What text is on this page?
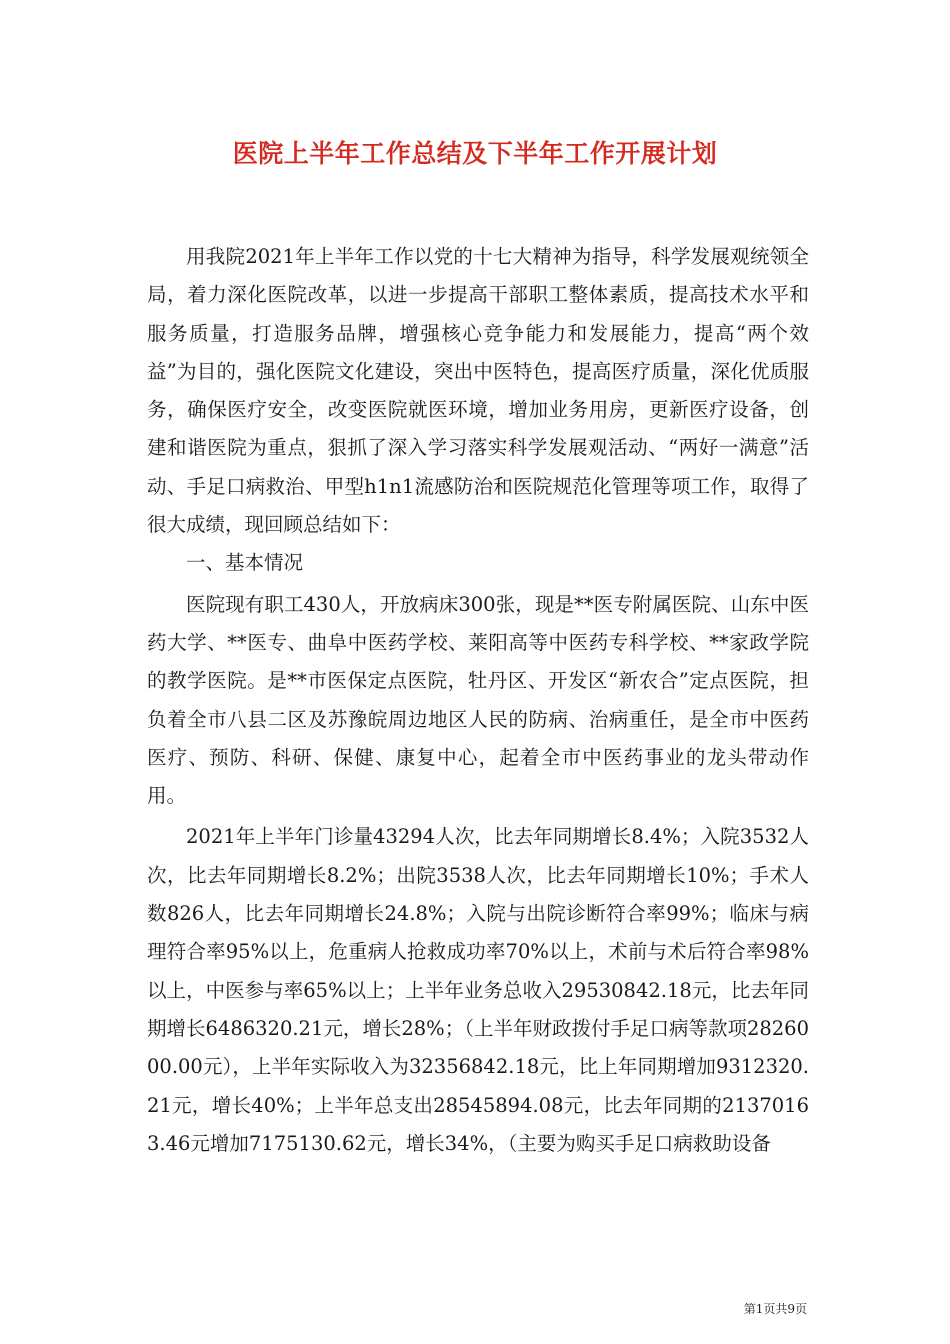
医院上半年工作总结及下半年工作开展计划

用我院2021年上半年工作以党的十七大精神为指导，科学发展观统领全局，着力深化医院改革，以进一步提高干部职工整体素质，提高技术水平和服务质量，打造服务品牌，增强核心竞争能力和发展能力，提高“两个效益”为目的，强化医院文化建设，突出中医特色，提高医疗质量，深化优质服务，确保医疗安全，改变医院就医环境，增加业务用房，更新医疗设备，创建和谐医院为重点，狠抓了深入学习落实科学发展观活动、“两好一满意”活动、手足口病救治、甲型h1n1流感防治和医院规范化管理等项工作，取得了很大成绩，现回顾总结如下：

一、基本情况

医院现有职工430人，开放病床300张，现是**医专附属医院、山东中医药大学、**医专、曲阜中医药学校、莱阳高等中医药专科学校、**家政学院的教学医院。是**市医保定点医院，牡丹区、开发区“新农合”定点医院，担负着全市八县二区及苏豫皖周边地区人民的防病、治病重任，是全市中医药医疗、预防、科研、保健、康复中心，起着全市中医药事业的龙头带动作用。

2021年上半年门诊量43294人次，比去年同期增长8.4%；入院3532人次，比去年同期增长8.2%；出院3538人次，比去年同期增长10%；手术人数826人，比去年同期增长24.8%；入院与出院诊断符合率99%；临床与病理符合率95%以上，危重病人抢救成功率70%以上，术前与术后符合率98%以上，中医参与率65%以上；上半年业务总收入29530842.18元，比去年同期增长6486320.21元，增长28%；（上半年财政拨付手足口病等款项2826000.00元），上半年实际收入为32356842.18元，比上年同期增加9312320.21元，增长40%；上半年总支出28545894.08元，比去年同期的21370163.46元增加7175130.62元，增长34%，（主要为购买手足口病救助设备

第1页共9页
